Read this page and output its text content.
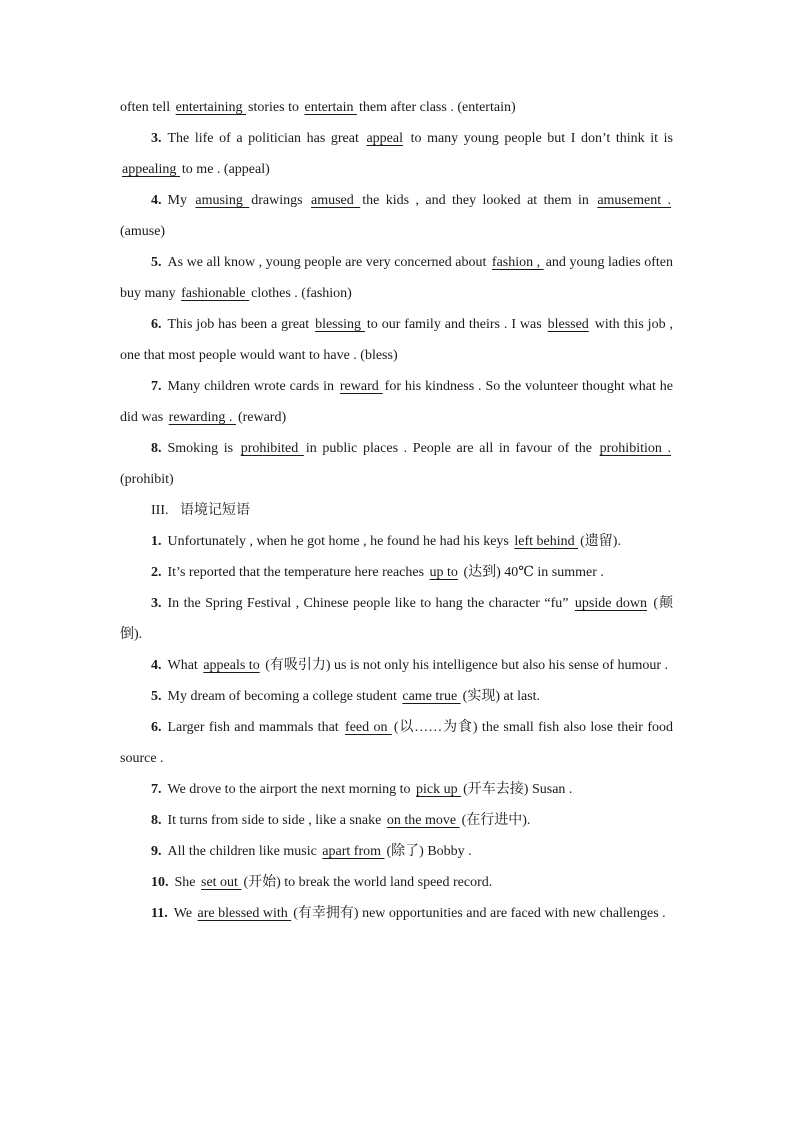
often tell entertaining stories to entertain them after class . (entertain)

3. The life of a politician has great appeal to many young people but I don’t think it is appealing to me . (appeal)

4. My amusing drawings amused the kids , and they looked at them in amusement . (amuse)

5. As we all know , young people are very concerned about fashion , and young ladies often buy many fashionable clothes . (fashion)

6. This job has been a great blessing to our family and theirs . I was blessed with this job , one that most people would want to have . (bless)

7. Many children wrote cards in reward for his kindness . So the volunteer thought what he did was rewarding . (reward)

8. Smoking is prohibited in public places . People are all in favour of the prohibition . (prohibit)

III. 语境记短语

1. Unfortunately , when he got home , he found he had his keys left behind (遗留).

2. It’s reported that the temperature here reaches up to (达到) 40℃ in summer .

3. In the Spring Festival , Chinese people like to hang the character “fu” upside down (颠倒).

4. What appeals to (有吸引力) us is not only his intelligence but also his sense of humour .

5. My dream of becoming a college student came true (实现) at last.

6. Larger fish and mammals that feed on (以……为食) the small fish also lose their food source .

7. We drove to the airport the next morning to pick up (开车去接) Susan .

8. It turns from side to side , like a snake on the move (在行进中).

9. All the children like music apart from (除了) Bobby .

10. She set out (开始) to break the world land speed record.

11. We are blessed with (有幸拥有) new opportunities and are faced with new challenges .
